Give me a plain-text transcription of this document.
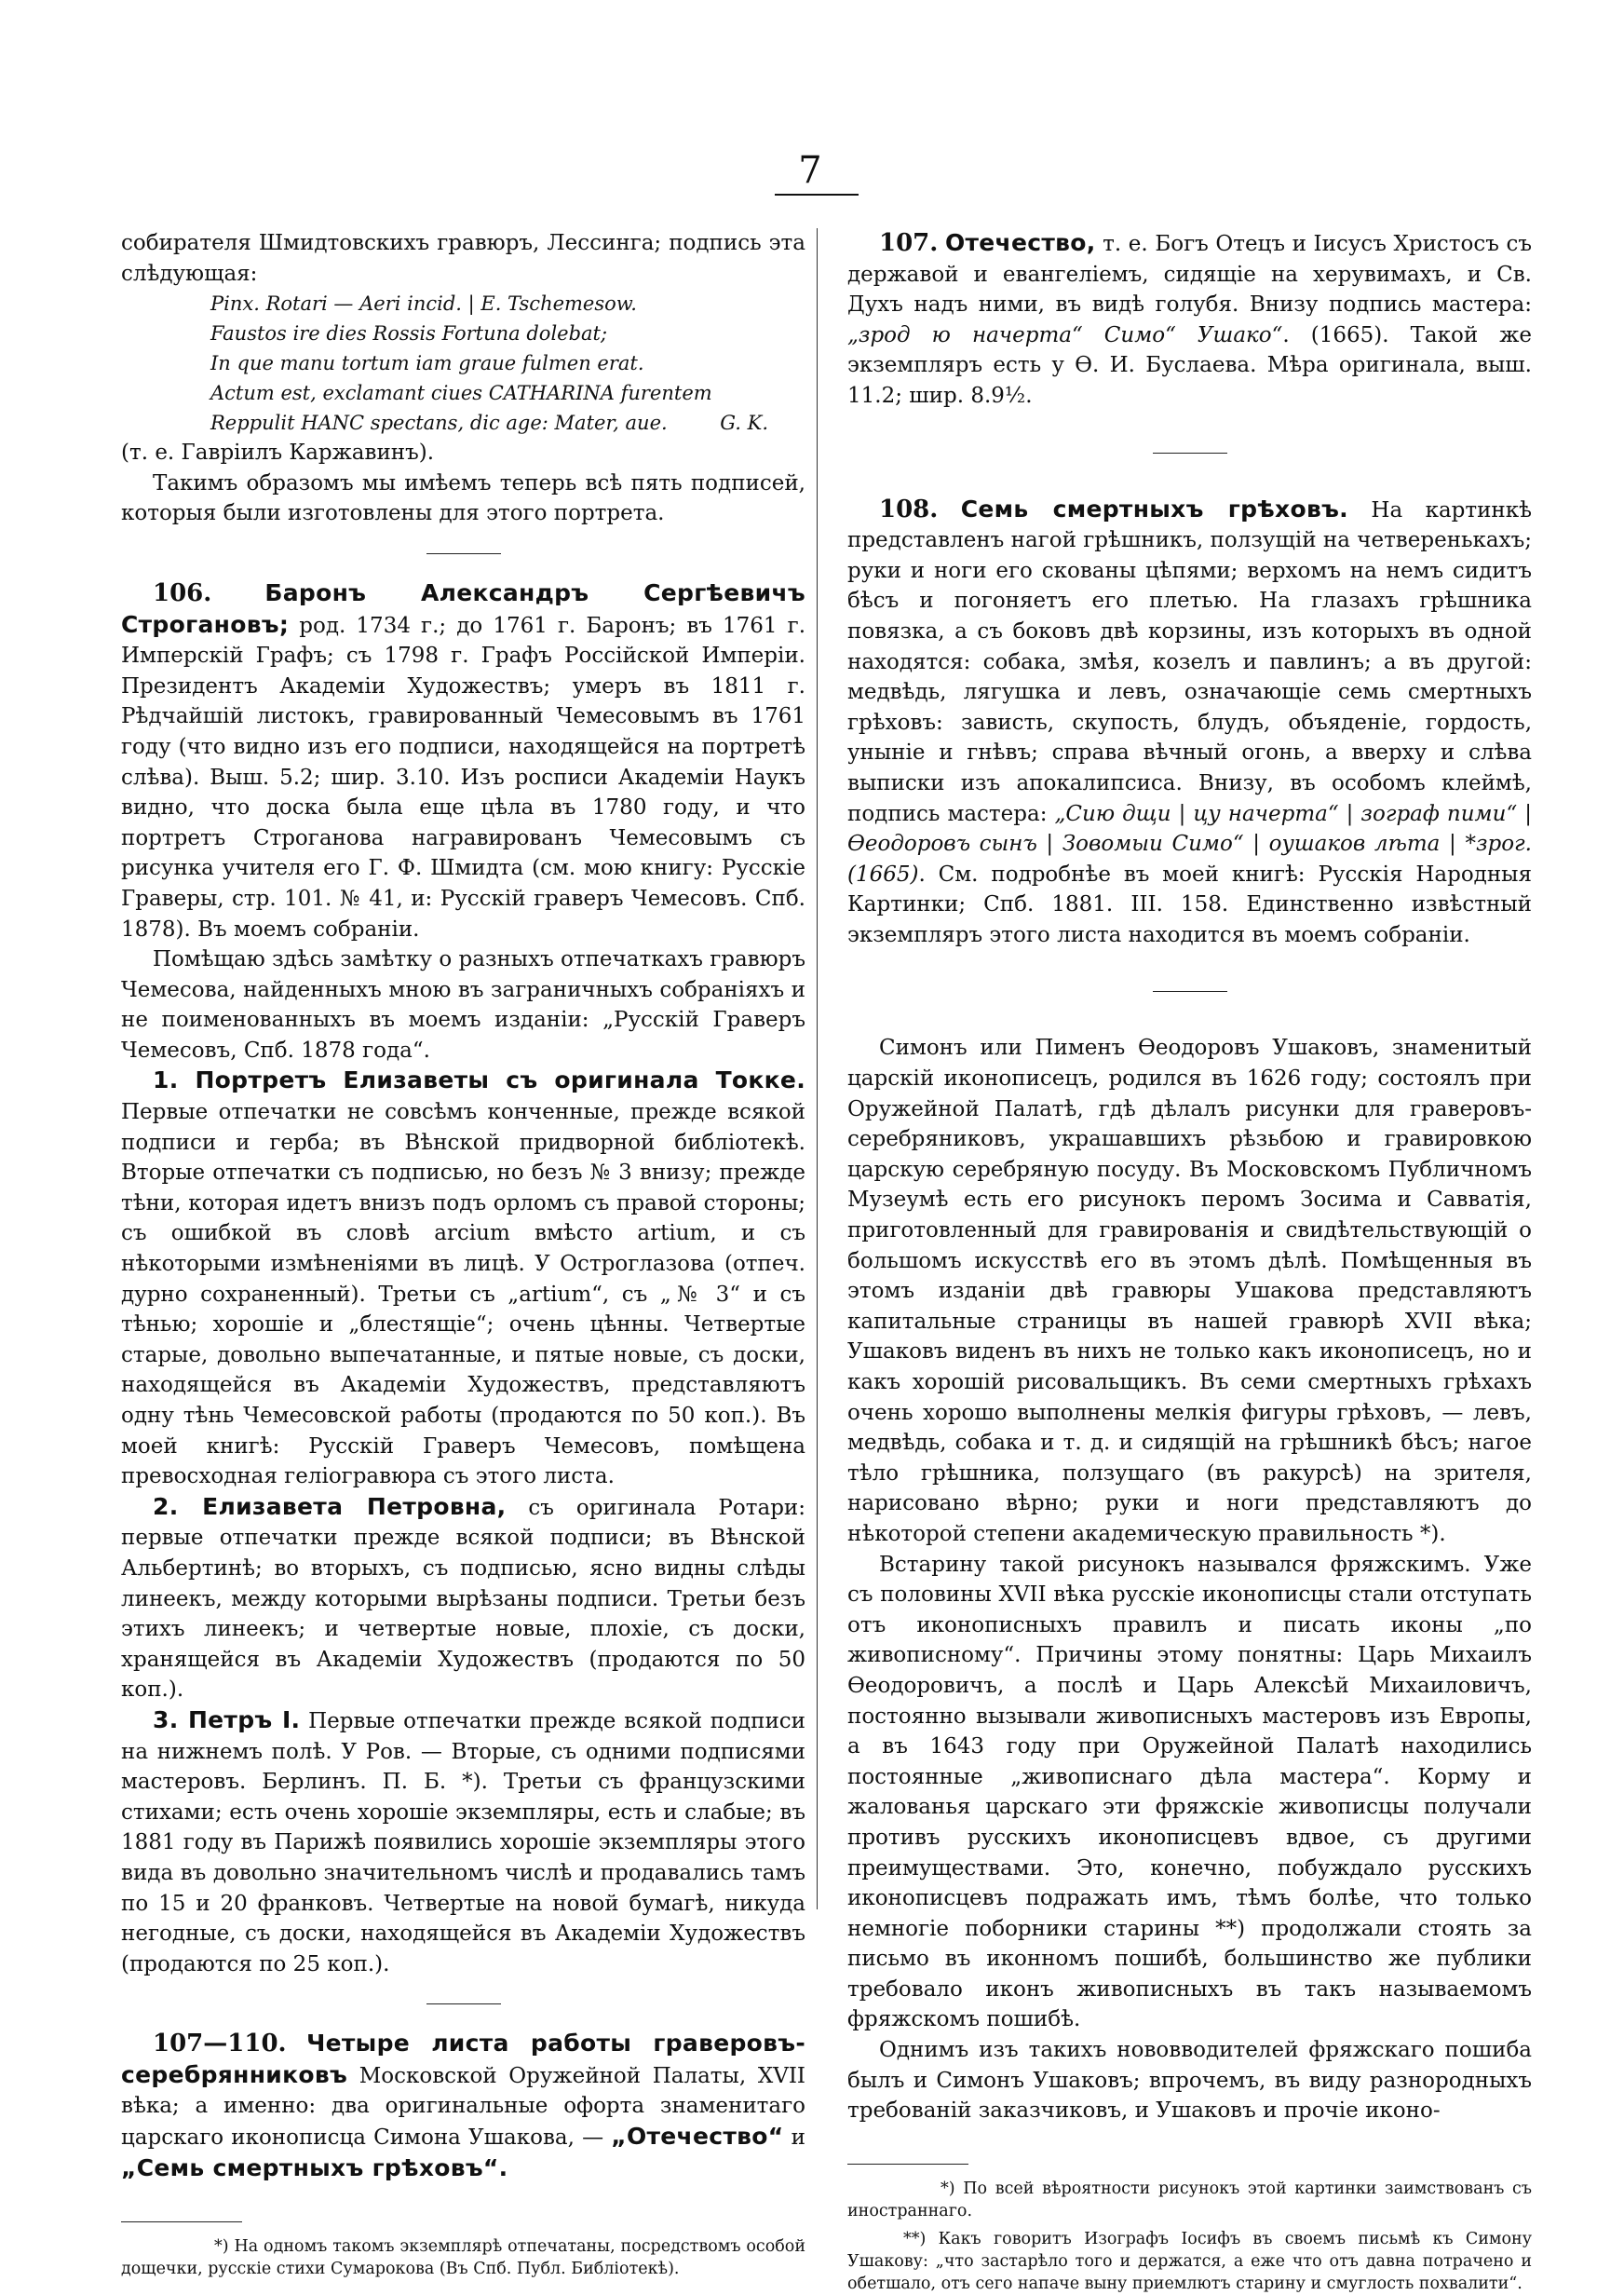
7

собирателя Шмидтовскихъ гравюръ, Лессинга; подпись эта слѣдующая:

Pinx. Rotari — Aeri incid. | E. Tschemesow.
Faustos ire dies Rossis Fortuna dolebat;
In que manu tortum iam graue fulmen erat.
Actum est, exclamant ciues CATHARINA furentem
Reppulit HANC spectans, dic age: Mater, aue.	G. K.

(т. е. Гаврiилъ Каржавинъ).

Такимъ образомъ мы имѣемъ теперь всѣ пять подписей, которыя были изготовлены для этого портрета.

106. Баронъ Александръ Сергѣевичъ Строгановъ; род. 1734 г.; до 1761 г. Баронъ; въ 1761 г. Имперскiй Графъ; съ 1798 г. Графъ Россiйской Имперiи. Президентъ Академiи Художествъ; умеръ въ 1811 г. Рѣдчайшiй листокъ, гравированный Чемесовымъ въ 1761 году (что видно изъ его подписи, находящейся на портретѣ слѣва). Выш. 5.2; шир. 3.10. Изъ росписи Академiи Наукъ видно, что доска была еще цѣла въ 1780 году, и что портретъ Строганова награвированъ Чемесовымъ съ рисунка учителя его Г. Ф. Шмидта (см. мою книгу: Русскiе Граверы, стр. 101. № 41, и: Русскiй граверъ Чемесовъ. Спб. 1878). Въ моемъ собранiи.

Помѣщаю здѣсь замѣтку о разныхъ отпечаткахъ гравюръ Чемесова, найденныхъ мною въ заграничныхъ собранiяхъ и не поименованныхъ въ моемъ изданiи: „Русскiй Граверъ Чемесовъ, Спб. 1878 года“.

1. Портретъ Елизаветы съ оригинала Токке. Первые отпечатки не совсѣмъ конченные, прежде всякой подписи и герба; въ Вѣнской придворной библiотекѣ. Вторые отпечатки съ подписью, но безъ № 3 внизу; прежде тѣни, которая идетъ внизъ подъ орломъ съ правой стороны; съ ошибкой въ словѣ arcium вмѣсто artium, и съ нѣкоторыми измѣненiями въ лицѣ. У Остроглазова (отпеч. дурно сохраненный). Третьи съ „artium“, съ „№ 3“ и съ тѣнью; хорошiе и „блестящiе“; очень цѣнны. Четвертые старые, довольно выпечатанные, и пятые новые, съ доски, находящейся въ Академiи Художествъ, представляютъ одну тѣнь Чемесовской работы (продаются по 50 коп.). Въ моей книгѣ: Русскiй Граверъ Чемесовъ, помѣщена превосходная гелiогравюра съ этого листа.

2. Елизавета Петровна, съ оригинала Ротари: первые отпечатки прежде всякой подписи; въ Вѣнской Альбертинѣ; во вторыхъ, съ подписью, ясно видны слѣды линеекъ, между которыми вырѣзаны подписи. Третьи безъ этихъ линеекъ; и четвертые новые, плохiе, съ доски, хранящейся въ Академiи Художествъ (продаются по 50 коп.).

3. Петръ I. Первые отпечатки прежде всякой подписи на нижнемъ полѣ. У Ров. — Вторые, съ одними подписями мастеровъ. Берлинъ. П. Б. *). Третьи съ французскими стихами; есть очень хорошiе экземпляры, есть и слабые; въ 1881 году въ Парижѣ появились хорошiе экземпляры этого вида въ довольно значительномъ числѣ и продавались тамъ по 15 и 20 франковъ. Четвертые на новой бумагѣ, никуда негодные, съ доски, находящейся въ Академiи Художествъ (продаются по 25 коп.).

107—110. Четыре листа работы граверовъ-серебрянниковъ Московской Оружейной Палаты, XVII вѣка; а именно: два оригинальные офорта знаменитаго царскаго иконописца Симона Ушакова, — „Отечество“ и „Семь смертныхъ грѣховъ“.

*) На одномъ такомъ экземплярѣ отпечатаны, посредствомъ особой дощечки, русскiе стихи Сумарокова (Въ Спб. Публ. Библiотекѣ).

107. Отечество, т. е. Богъ Отецъ и Iисусъ Христосъ съ державой и евангелiемъ, сидящiе на херувимахъ, и Св. Духъ надъ ними, въ видѣ голубя. Внизу подпись мастера: „зрод ю начерта“ Симо“ Ушако“. (1665). Такой же экземпляръ есть у Ѳ. И. Буслаева. Мѣра оригинала, выш. 11.2; шир. 8.9½.

108. Семь смертныхъ грѣховъ. На картинкѣ представленъ нагой грѣшникъ, ползущiй на четверенькахъ; руки и ноги его скованы цѣпями; верхомъ на немъ сидитъ бѣсъ и погоняетъ его плетью. На глазахъ грѣшника повязка, а съ боковъ двѣ корзины, изъ которыхъ въ одной находятся: собака, змѣя, козелъ и павлинъ; а въ другой: медвѣдь, лягушка и левъ, означающiе семь смертныхъ грѣховъ: зависть, скупость, блудъ, объяденiе, гордость, унынiе и гнѣвъ; справа вѣчный огонь, а вверху и слѣва выписки изъ апокалипсиса. Внизу, въ особомъ клеймѣ, подпись мастера: „Сию дщи | цу начерта“ | зограф пими“ | Ѳеодоровъ сынъ | Зовомыи Симо“ | оушаков лѣта | *зрог. (1665). См. подробнѣе въ моей книгѣ: Русскiя Народныя Картинки; Спб. 1881. III. 158. Единственно извѣстный экземпляръ этого листа находится въ моемъ собранiи.

Симонъ или Пименъ Ѳеодоровъ Ушаковъ, знаменитый царскiй иконописецъ, родился въ 1626 году; состоялъ при Оружейной Палатѣ, гдѣ дѣлалъ рисунки для граверовъ-серебряниковъ, украшавшихъ рѣзьбою и гравировкою царскую серебряную посуду. Въ Московскомъ Публичномъ Музеумѣ есть его рисунокъ перомъ Зосима и Савватiя, приготовленный для гравированiя и свидѣтельствующiй о большомъ искусствѣ его въ этомъ дѣлѣ. Помѣщенныя въ этомъ изданiи двѣ гравюры Ушакова представляютъ капитальные страницы въ нашей гравюрѣ XVII вѣка; Ушаковъ виденъ въ нихъ не только какъ иконописецъ, но и какъ хорошiй рисовальщикъ. Въ семи смертныхъ грѣхахъ очень хорошо выполнены мелкiя фигуры грѣховъ, — левъ, медвѣдь, собака и т. д. и сидящiй на грѣшникѣ бѣсъ; нагое тѣло грѣшника, ползущаго (въ ракурсѣ) на зрителя, нарисовано вѣрно; руки и ноги представляютъ до нѣкоторой степени академическую правильность *).

Встарину такой рисунокъ назывался фряжскимъ. Уже съ половины XVII вѣка русскiе иконописцы стали отступать отъ иконописныхъ правилъ и писать иконы „по живописному“. Причины этому понятны: Царь Михаилъ Ѳеодоровичъ, а послѣ и Царь Алексѣй Михаиловичъ, постоянно вызывали живописныхъ мастеровъ изъ Европы, а въ 1643 году при Оружейной Палатѣ находились постоянные „живописнаго дѣла мастера“. Корму и жалованья царскаго эти фряжскiе живописцы получали противъ русскихъ иконописцевъ вдвое, съ другими преимуществами. Это, конечно, побуждало русскихъ иконописцевъ подражать имъ, тѣмъ болѣе, что только немногiе поборники старины **) продолжали стоять за письмо въ иконномъ пошибѣ, большинство же публики требовало иконъ живописныхъ въ такъ называемомъ фряжскомъ пошибѣ.

Однимъ изъ такихъ нововводителей фряжскаго пошиба былъ и Симонъ Ушаковъ; впрочемъ, въ виду разнородныхъ требованiй заказчиковъ, и Ушаковъ и прочiе иконо-

*) По всей вѣроятности рисунокъ этой картинки заимствованъ съ иностраннаго.

**) Какъ говоритъ Изографъ Iосифъ въ своемъ письмѣ къ Симону Ушакову: „что застарѣло того и держатся, а еже что отъ давна потрачено и обетшало, отъ сего напаче выну приемлютъ старину и смуглость похвалити“.
